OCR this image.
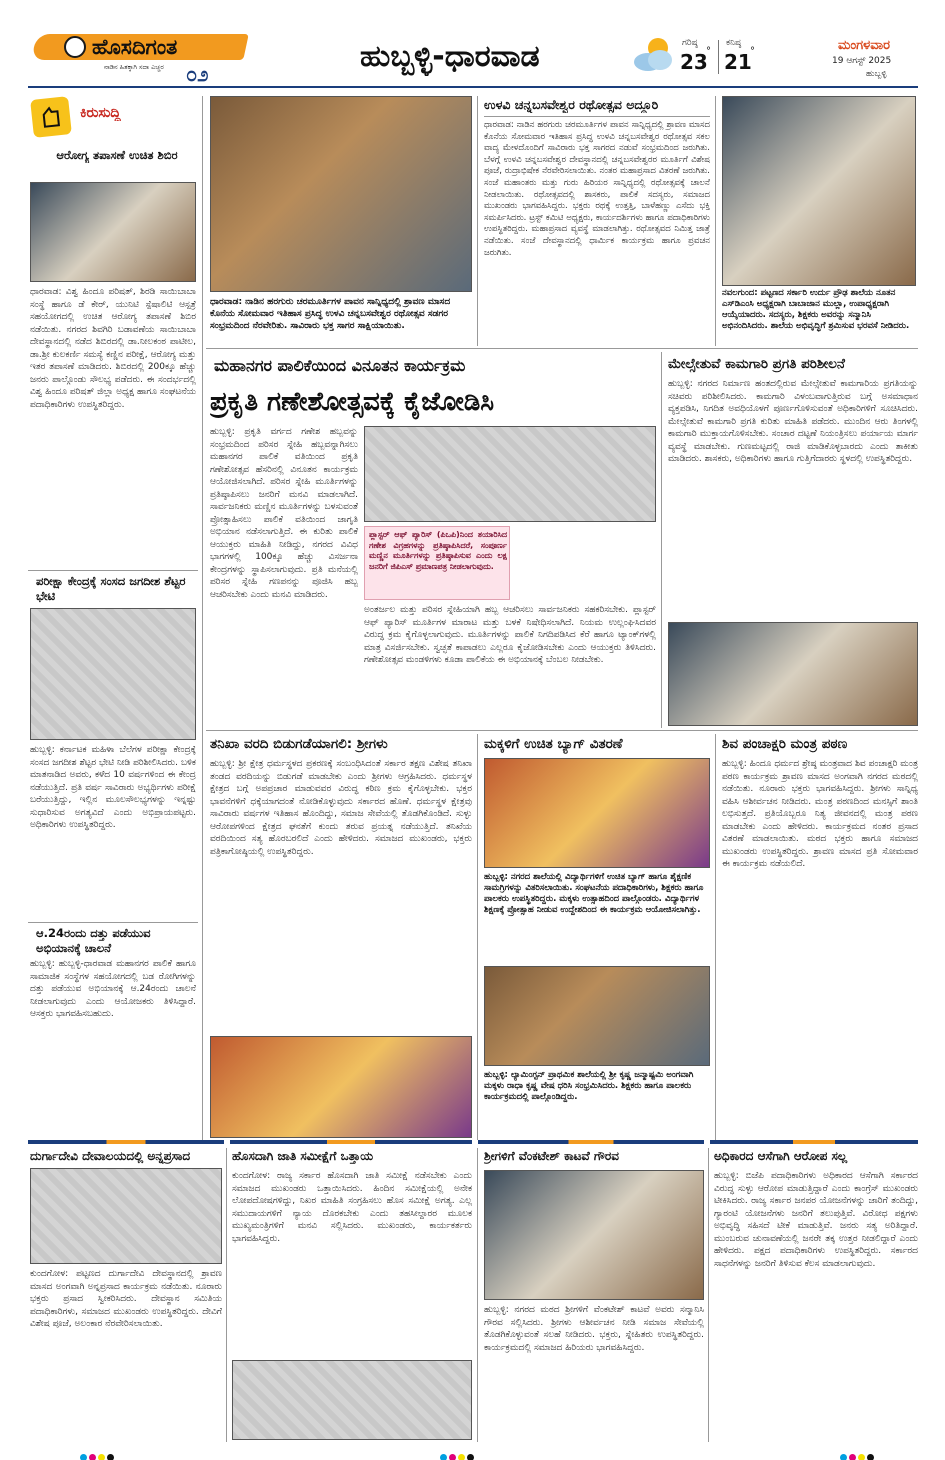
ಹೊಸದಿಗಂತ
ನಾಡಿನ ಹಿತಕ್ಕಾಗಿ ಸದಾ ಎಚ್ಚರ ೦೨	ಹುಬ್ಬಳ್ಳಿ-ಧಾರವಾಡ	ಗರಿಷ್ಠ
23
°
ಕನಿಷ್ಠ
21
°	ಮಂಗಳವಾರ
19 ಆಗಸ್ಟ್ 2025
ಹುಬ್ಬಳ್ಳಿ
ಕಿರುಸುದ್ದಿ
ಆರೋಗ್ಯ ತಪಾಸಣೆ ಉಚಿತ ಶಿಬಿರ
ಧಾರವಾಡ: ವಿಶ್ವ ಹಿಂದೂ ಪರಿಷತ್, ಶಿರಡಿ ಸಾಯಿಬಾಬಾ ಸಂಸ್ಥೆ ಹಾಗೂ ಡೆ ಕೇರ್, ಯುನಿಟಿ ಸ್ಪೆಷಾಲಿಟಿ ಆಸ್ಪತ್ರೆ ಸಹಯೋಗದಲ್ಲಿ ಉಚಿತ ಆರೋಗ್ಯ ತಪಾಸಣೆ ಶಿಬಿರ ನಡೆಯಿತು. ನಗರದ ಶಿವಗಿರಿ ಬಡಾವಣೆಯ ಸಾಯಿಬಾಬಾ ದೇವಸ್ಥಾನದಲ್ಲಿ ನಡೆದ ಶಿಬಿರದಲ್ಲಿ ಡಾ.ನೀಲಕಂಠ ಪಾಟೀಲ, ಡಾ.ಶ್ರೀ ಕುಲಕರ್ಣಿ ಸಮಸ್ಯೆ ಕಣ್ಣಿನ ಪರೀಕ್ಷೆ, ಆರೋಗ್ಯ ಮತ್ತು ಇತರ ತಪಾಸಣೆ ಮಾಡಿದರು. ಶಿಬಿರದಲ್ಲಿ 200ಕ್ಕೂ ಹೆಚ್ಚು ಜನರು ಪಾಲ್ಗೊಂಡು ಸೌಲಭ್ಯ ಪಡೆದರು. ಈ ಸಂದರ್ಭದಲ್ಲಿ ವಿಶ್ವ ಹಿಂದೂ ಪರಿಷತ್ ಜಿಲ್ಲಾ ಅಧ್ಯಕ್ಷ ಹಾಗೂ ಸಂಘಟನೆಯ ಪದಾಧಿಕಾರಿಗಳು ಉಪಸ್ಥಿತರಿದ್ದರು.
ಪರೀಕ್ಷಾ ಕೇಂದ್ರಕ್ಕೆ ಸಂಸದ ಜಗದೀಶ ಶೆಟ್ಟರ ಭೇಟಿ
ಹುಬ್ಬಳ್ಳಿ: ಕರ್ನಾಟಕ ಮಹಿಳಾ ಬೆಲೆಗಳ ಪರೀಕ್ಷಾ ಕೇಂದ್ರಕ್ಕೆ ಸಂಸದ ಜಗದೀಶ ಶೆಟ್ಟರ ಭೇಟಿ ನೀಡಿ ಪರಿಶೀಲಿಸಿದರು. ಬಳಿಕ ಮಾತನಾಡಿದ ಅವರು, ಕಳೆದ 10 ವರ್ಷಗಳಿಂದ ಈ ಕೇಂದ್ರ ನಡೆಯುತ್ತಿದೆ. ಪ್ರತಿ ವರ್ಷ ಸಾವಿರಾರು ಅಭ್ಯರ್ಥಿಗಳು ಪರೀಕ್ಷೆ ಬರೆಯುತ್ತಿದ್ದು, ಇಲ್ಲಿನ ಮೂಲಸೌಲಭ್ಯಗಳನ್ನು ಇನ್ನಷ್ಟು ಸುಧಾರಿಸುವ ಅಗತ್ಯವಿದೆ ಎಂದು ಅಭಿಪ್ರಾಯಪಟ್ಟರು. ಅಧಿಕಾರಿಗಳು ಉಪಸ್ಥಿತರಿದ್ದರು.
ಆ.24ರಂದು ದತ್ತು ಪಡೆಯುವ ಅಭಿಯಾನಕ್ಕೆ ಚಾಲನೆ
ಹುಬ್ಬಳ್ಳಿ: ಹುಬ್ಬಳ್ಳಿ-ಧಾರವಾಡ ಮಹಾನಗರ ಪಾಲಿಕೆ ಹಾಗೂ ಸಾಮಾಜಿಕ ಸಂಸ್ಥೆಗಳ ಸಹಯೋಗದಲ್ಲಿ ಬಡ ರೋಗಿಗಳನ್ನು ದತ್ತು ಪಡೆಯುವ ಅಭಿಯಾನಕ್ಕೆ ಆ.24ರಂದು ಚಾಲನೆ ನೀಡಲಾಗುವುದು ಎಂದು ಆಯೋಜಕರು ತಿಳಿಸಿದ್ದಾರೆ. ಆಸಕ್ತರು ಭಾಗವಹಿಸಬಹುದು.
ಧಾರವಾಡ: ನಾಡಿನ ಹರಗುರು ಚರಮೂರ್ತಿಗಳ ಪಾವನ ಸಾನ್ನಿಧ್ಯದಲ್ಲಿ ಶ್ರಾವಣ ಮಾಸದ ಕೊನೆಯ ಸೋಮವಾರ ಇತಿಹಾಸ ಪ್ರಸಿದ್ಧ ಉಳವಿ ಚನ್ನಬಸವೇಶ್ವರ ರಥೋತ್ಸವ ಸಡಗರ ಸಂಭ್ರಮದಿಂದ ನೆರವೇರಿತು. ಸಾವಿರಾರು ಭಕ್ತ ಸಾಗರ ಸಾಕ್ಷಿಯಾಯಿತು.
ಉಳವಿ ಚನ್ನಬಸವೇಶ್ವರ ರಥೋತ್ಸವ ಅದ್ದೂರಿ
ಧಾರವಾಡ: ನಾಡಿನ ಹರಗುರು ಚರಮೂರ್ತಿಗಳ ಪಾವನ ಸಾನ್ನಿಧ್ಯದಲ್ಲಿ ಶ್ರಾವಣ ಮಾಸದ ಕೊನೆಯ ಸೋಮವಾರ ಇತಿಹಾಸ ಪ್ರಸಿದ್ಧ ಉಳವಿ ಚನ್ನಬಸವೇಶ್ವರ ರಥೋತ್ಸವ ಸಕಲ ವಾದ್ಯ ಮೇಳದೊಂದಿಗೆ ಸಾವಿರಾರು ಭಕ್ತ ಸಾಗರದ ನಡುವೆ ಸಂಭ್ರಮದಿಂದ ಜರುಗಿತು. ಬೆಳಗ್ಗೆ ಉಳವಿ ಚನ್ನಬಸವೇಶ್ವರ ದೇವಸ್ಥಾನದಲ್ಲಿ ಚನ್ನಬಸವೇಶ್ವರರ ಮೂರ್ತಿಗೆ ವಿಶೇಷ ಪೂಜೆ, ರುದ್ರಾಭಿಷೇಕ ನೆರವೇರಿಸಲಾಯಿತು. ನಂತರ ಮಹಾಪ್ರಸಾದ ವಿತರಣೆ ಜರುಗಿತು. ಸಂಜೆ ಮಹಾಂತರು ಮತ್ತು ಗುರು ಹಿರಿಯರ ಸಾನ್ನಿಧ್ಯದಲ್ಲಿ ರಥೋತ್ಸವಕ್ಕೆ ಚಾಲನೆ ನೀಡಲಾಯಿತು. ರಥೋತ್ಸವದಲ್ಲಿ ಶಾಸಕರು, ಪಾಲಿಕೆ ಸದಸ್ಯರು, ಸಮಾಜದ ಮುಖಂಡರು ಭಾಗವಹಿಸಿದ್ದರು. ಭಕ್ತರು ರಥಕ್ಕೆ ಉತ್ತತ್ತಿ, ಬಾಳೆಹಣ್ಣು ಎಸೆದು ಭಕ್ತಿ ಸಮರ್ಪಿಸಿದರು. ಟ್ರಸ್ಟ್ ಕಮಿಟಿ ಅಧ್ಯಕ್ಷರು, ಕಾರ್ಯದರ್ಶಿಗಳು ಹಾಗೂ ಪದಾಧಿಕಾರಿಗಳು ಉಪಸ್ಥಿತರಿದ್ದರು. ಮಹಾಪ್ರಸಾದ ವ್ಯವಸ್ಥೆ ಮಾಡಲಾಗಿತ್ತು. ರಥೋತ್ಸವದ ನಿಮಿತ್ತ ಜಾತ್ರೆ ನಡೆಯಿತು. ಸಂಜೆ ದೇವಸ್ಥಾನದಲ್ಲಿ ಧಾರ್ಮಿಕ ಕಾರ್ಯಕ್ರಮ ಹಾಗೂ ಪ್ರವಚನ ಜರುಗಿತು.
ನವಲಗುಂದ: ಪಟ್ಟಣದ ಸರ್ಕಾರಿ ಉರ್ದು ಪ್ರೌಢ ಶಾಲೆಯ ನೂತನ ಎಸ್‌ಡಿಎಂಸಿ ಅಧ್ಯಕ್ಷರಾಗಿ ಬಾಬಾಜಾನ ಮುಲ್ಲಾ, ಉಪಾಧ್ಯಕ್ಷರಾಗಿ ಆಯ್ಕೆಯಾದರು. ಸದಸ್ಯರು, ಶಿಕ್ಷಕರು ಅವರನ್ನು ಸನ್ಮಾನಿಸಿ ಅಭಿನಂದಿಸಿದರು. ಶಾಲೆಯ ಅಭಿವೃದ್ಧಿಗೆ ಶ್ರಮಿಸುವ ಭರವಸೆ ನೀಡಿದರು.
ಮಹಾನಗರ ಪಾಲಿಕೆಯಿಂದ ವಿನೂತನ ಕಾರ್ಯಕ್ರಮ
ಪ್ರಕೃತಿ ಗಣೇಶೋತ್ಸವಕ್ಕೆ ಕೈಜೋಡಿಸಿ
ಹುಬ್ಬಳ್ಳಿ: ಪ್ರಕೃತಿ ವರ್ಗದ ಗಣೇಶ ಹಬ್ಬವನ್ನು ಸಂಭ್ರಮದಿಂದ ಪರಿಸರ ಸ್ನೇಹಿ ಹಬ್ಬವನ್ನಾಗಿಸಲು ಮಹಾನಗರ ಪಾಲಿಕೆ ವತಿಯಿಂದ ಪ್ರಕೃತಿ ಗಣೇಶೋತ್ಸವ ಹೆಸರಿನಲ್ಲಿ ವಿನೂತನ ಕಾರ್ಯಕ್ರಮ ಆಯೋಜಿಸಲಾಗಿದೆ. ಪರಿಸರ ಸ್ನೇಹಿ ಮೂರ್ತಿಗಳನ್ನು ಪ್ರತಿಷ್ಠಾಪಿಸಲು ಜನರಿಗೆ ಮನವಿ ಮಾಡಲಾಗಿದೆ. ಸಾರ್ವಜನಿಕರು ಮಣ್ಣಿನ ಮೂರ್ತಿಗಳನ್ನು ಬಳಸುವಂತೆ ಪ್ರೋತ್ಸಾಹಿಸಲು ಪಾಲಿಕೆ ವತಿಯಿಂದ ಜಾಗೃತಿ ಅಭಿಯಾನ ನಡೆಸಲಾಗುತ್ತಿದೆ. ಈ ಕುರಿತು ಪಾಲಿಕೆ ಆಯುಕ್ತರು ಮಾಹಿತಿ ನೀಡಿದ್ದು, ನಗರದ ವಿವಿಧ ಭಾಗಗಳಲ್ಲಿ 100ಕ್ಕೂ ಹೆಚ್ಚು ವಿಸರ್ಜನಾ ಕೇಂದ್ರಗಳನ್ನು ಸ್ಥಾಪಿಸಲಾಗುವುದು. ಪ್ರತಿ ಮನೆಯಲ್ಲಿ ಪರಿಸರ ಸ್ನೇಹಿ ಗಣಪನನ್ನು ಪೂಜಿಸಿ ಹಬ್ಬ ಆಚರಿಸಬೇಕು ಎಂದು ಮನವಿ ಮಾಡಿದರು.
ಪ್ಲಾಸ್ಟರ್ ಆಫ್ ಪ್ಯಾರಿಸ್ (ಪಿಒಪಿ)ನಿಂದ ತಯಾರಿಸಿದ ಗಣೇಶ ವಿಗ್ರಹಗಳನ್ನು ಪ್ರತಿಷ್ಠಾಪಿಸಿದರೆ, ಸಂಪೂರ್ಣ ಮಣ್ಣಿನ ಮೂರ್ತಿಗಳನ್ನು ಪ್ರತಿಷ್ಠಾಪಿಸುವ ಎಂದು ಲಕ್ಷ ಜನರಿಗೆ ಜಿಪಿಎಸ್ ಪ್ರಮಾಣಪತ್ರ ನೀಡಲಾಗುವುದು.
ಅಂತರ್ಜಲ ಮತ್ತು ಪರಿಸರ ಸ್ನೇಹಿಯಾಗಿ ಹಬ್ಬ ಆಚರಿಸಲು ಸಾರ್ವಜನಿಕರು ಸಹಕರಿಸಬೇಕು. ಪ್ಲಾಸ್ಟರ್ ಆಫ್ ಪ್ಯಾರಿಸ್ ಮೂರ್ತಿಗಳ ಮಾರಾಟ ಮತ್ತು ಬಳಕೆ ನಿಷೇಧಿಸಲಾಗಿದೆ. ನಿಯಮ ಉಲ್ಲಂಘಿಸಿದವರ ವಿರುದ್ಧ ಕ್ರಮ ಕೈಗೊಳ್ಳಲಾಗುವುದು. ಮೂರ್ತಿಗಳನ್ನು ಪಾಲಿಕೆ ನಿಗದಿಪಡಿಸಿದ ಕೆರೆ ಹಾಗೂ ಟ್ಯಾಂಕ್‌ಗಳಲ್ಲಿ ಮಾತ್ರ ವಿಸರ್ಜಿಸಬೇಕು. ಸ್ವಚ್ಛತೆ ಕಾಪಾಡಲು ಎಲ್ಲರೂ ಕೈಜೋಡಿಸಬೇಕು ಎಂದು ಆಯುಕ್ತರು ತಿಳಿಸಿದರು. ಗಣೇಶೋತ್ಸವ ಮಂಡಳಿಗಳು ಕೂಡಾ ಪಾಲಿಕೆಯ ಈ ಅಭಿಯಾನಕ್ಕೆ ಬೆಂಬಲ ನೀಡಬೇಕು.
ಮೇಲ್ಸೇತುವೆ ಕಾಮಗಾರಿ ಪ್ರಗತಿ ಪರಿಶೀಲನೆ
ಹುಬ್ಬಳ್ಳಿ: ನಗರದ ನಿರ್ಮಾಣ ಹಂತದಲ್ಲಿರುವ ಮೇಲ್ಸೇತುವೆ ಕಾಮಗಾರಿಯ ಪ್ರಗತಿಯನ್ನು ಸಚಿವರು ಪರಿಶೀಲಿಸಿದರು. ಕಾಮಗಾರಿ ವಿಳಂಬವಾಗುತ್ತಿರುವ ಬಗ್ಗೆ ಅಸಮಾಧಾನ ವ್ಯಕ್ತಪಡಿಸಿ, ನಿಗದಿತ ಅವಧಿಯೊಳಗೆ ಪೂರ್ಣಗೊಳಿಸುವಂತೆ ಅಧಿಕಾರಿಗಳಿಗೆ ಸೂಚಿಸಿದರು. ಮೇಲ್ಸೇತುವೆ ಕಾಮಗಾರಿ ಪ್ರಗತಿ ಕುರಿತು ಮಾಹಿತಿ ಪಡೆದರು. ಮುಂದಿನ ಆರು ತಿಂಗಳಲ್ಲಿ ಕಾಮಗಾರಿ ಮುಕ್ತಾಯಗೊಳಿಸಬೇಕು. ಸಂಚಾರ ದಟ್ಟಣೆ ನಿಯಂತ್ರಿಸಲು ಪರ್ಯಾಯ ಮಾರ್ಗ ವ್ಯವಸ್ಥೆ ಮಾಡಬೇಕು. ಗುಣಮಟ್ಟದಲ್ಲಿ ರಾಜಿ ಮಾಡಿಕೊಳ್ಳಬಾರದು ಎಂದು ತಾಕೀತು ಮಾಡಿದರು. ಶಾಸಕರು, ಅಧಿಕಾರಿಗಳು ಹಾಗೂ ಗುತ್ತಿಗೆದಾರರು ಸ್ಥಳದಲ್ಲಿ ಉಪಸ್ಥಿತರಿದ್ದರು.
ತನಿಖಾ ವರದಿ ಬಿಡುಗಡೆಯಾಗಲಿ: ಶ್ರೀಗಳು
ಹುಬ್ಬಳ್ಳಿ: ಶ್ರೀ ಕ್ಷೇತ್ರ ಧರ್ಮಸ್ಥಳದ ಪ್ರಕರಣಕ್ಕೆ ಸಂಬಂಧಿಸಿದಂತೆ ಸರ್ಕಾರ ತಕ್ಷಣ ವಿಶೇಷ ತನಿಖಾ ತಂಡದ ವರದಿಯನ್ನು ಬಿಡುಗಡೆ ಮಾಡಬೇಕು ಎಂದು ಶ್ರೀಗಳು ಆಗ್ರಹಿಸಿದರು. ಧರ್ಮಸ್ಥಳ ಕ್ಷೇತ್ರದ ಬಗ್ಗೆ ಅಪಪ್ರಚಾರ ಮಾಡುವವರ ವಿರುದ್ಧ ಕಠಿಣ ಕ್ರಮ ಕೈಗೊಳ್ಳಬೇಕು. ಭಕ್ತರ ಭಾವನೆಗಳಿಗೆ ಧಕ್ಕೆಯಾಗದಂತೆ ನೋಡಿಕೊಳ್ಳುವುದು ಸರ್ಕಾರದ ಹೊಣೆ. ಧರ್ಮಸ್ಥಳ ಕ್ಷೇತ್ರವು ಸಾವಿರಾರು ವರ್ಷಗಳ ಇತಿಹಾಸ ಹೊಂದಿದ್ದು, ಸಮಾಜ ಸೇವೆಯಲ್ಲಿ ತೊಡಗಿಕೊಂಡಿದೆ. ಸುಳ್ಳು ಆರೋಪಗಳಿಂದ ಕ್ಷೇತ್ರದ ಘನತೆಗೆ ಕುಂದು ತರುವ ಪ್ರಯತ್ನ ನಡೆಯುತ್ತಿದೆ. ತನಿಖೆಯ ವರದಿಯಿಂದ ಸತ್ಯ ಹೊರಬರಲಿದೆ ಎಂದು ಹೇಳಿದರು. ಸಮಾಜದ ಮುಖಂಡರು, ಭಕ್ತರು ಪತ್ರಿಕಾಗೋಷ್ಠಿಯಲ್ಲಿ ಉಪಸ್ಥಿತರಿದ್ದರು.
ಮಕ್ಕಳಿಗೆ ಉಚಿತ ಬ್ಯಾಗ್ ವಿತರಣೆ
ಹುಬ್ಬಳ್ಳಿ: ನಗರದ ಶಾಲೆಯಲ್ಲಿ ವಿದ್ಯಾರ್ಥಿಗಳಿಗೆ ಉಚಿತ ಬ್ಯಾಗ್ ಹಾಗೂ ಶೈಕ್ಷಣಿಕ ಸಾಮಗ್ರಿಗಳನ್ನು ವಿತರಿಸಲಾಯಿತು. ಸಂಘಟನೆಯ ಪದಾಧಿಕಾರಿಗಳು, ಶಿಕ್ಷಕರು ಹಾಗೂ ಪಾಲಕರು ಉಪಸ್ಥಿತರಿದ್ದರು. ಮಕ್ಕಳು ಉತ್ಸಾಹದಿಂದ ಪಾಲ್ಗೊಂಡರು. ವಿದ್ಯಾರ್ಥಿಗಳ ಶಿಕ್ಷಣಕ್ಕೆ ಪ್ರೋತ್ಸಾಹ ನೀಡುವ ಉದ್ದೇಶದಿಂದ ಈ ಕಾರ್ಯಕ್ರಮ ಆಯೋಜಿಸಲಾಗಿತ್ತು.
ಹುಬ್ಬಳ್ಳಿ: ಲ್ಯಾಮಿಂಗ್ಟನ್ ಪ್ರಾಥಮಿಕ ಶಾಲೆಯಲ್ಲಿ ಶ್ರೀ ಕೃಷ್ಣ ಜನ್ಮಾಷ್ಟಮಿ ಅಂಗವಾಗಿ ಮಕ್ಕಳು ರಾಧಾ ಕೃಷ್ಣ ವೇಷ ಧರಿಸಿ ಸಂಭ್ರಮಿಸಿದರು. ಶಿಕ್ಷಕರು ಹಾಗೂ ಪಾಲಕರು ಕಾರ್ಯಕ್ರಮದಲ್ಲಿ ಪಾಲ್ಗೊಂಡಿದ್ದರು.
ಶಿವ ಪಂಚಾಕ್ಷರಿ ಮಂತ್ರ ಪಠಣ
ಹುಬ್ಬಳ್ಳಿ: ಹಿಂದೂ ಧರ್ಮದ ಶ್ರೇಷ್ಠ ಮಂತ್ರವಾದ ಶಿವ ಪಂಚಾಕ್ಷರಿ ಮಂತ್ರ ಪಠಣ ಕಾರ್ಯಕ್ರಮ ಶ್ರಾವಣ ಮಾಸದ ಅಂಗವಾಗಿ ನಗರದ ಮಠದಲ್ಲಿ ನಡೆಯಿತು. ನೂರಾರು ಭಕ್ತರು ಭಾಗವಹಿಸಿದ್ದರು. ಶ್ರೀಗಳು ಸಾನ್ನಿಧ್ಯ ವಹಿಸಿ ಆಶೀರ್ವಚನ ನೀಡಿದರು. ಮಂತ್ರ ಪಠಣದಿಂದ ಮನಸ್ಸಿಗೆ ಶಾಂತಿ ಲಭಿಸುತ್ತದೆ. ಪ್ರತಿಯೊಬ್ಬರೂ ನಿತ್ಯ ಜೀವನದಲ್ಲಿ ಮಂತ್ರ ಪಠಣ ಮಾಡಬೇಕು ಎಂದು ಹೇಳಿದರು. ಕಾರ್ಯಕ್ರಮದ ನಂತರ ಪ್ರಸಾದ ವಿತರಣೆ ಮಾಡಲಾಯಿತು. ಮಠದ ಭಕ್ತರು ಹಾಗೂ ಸಮಾಜದ ಮುಖಂಡರು ಉಪಸ್ಥಿತರಿದ್ದರು. ಶ್ರಾವಣ ಮಾಸದ ಪ್ರತಿ ಸೋಮವಾರ ಈ ಕಾರ್ಯಕ್ರಮ ನಡೆಯಲಿದೆ.
ದುರ್ಗಾದೇವಿ ದೇವಾಲಯದಲ್ಲಿ ಅನ್ನಪ್ರಸಾದ
ಕುಂದಗೋಳ: ಪಟ್ಟಣದ ದುರ್ಗಾದೇವಿ ದೇವಸ್ಥಾನದಲ್ಲಿ ಶ್ರಾವಣ ಮಾಸದ ಅಂಗವಾಗಿ ಅನ್ನಪ್ರಸಾದ ಕಾರ್ಯಕ್ರಮ ನಡೆಯಿತು. ನೂರಾರು ಭಕ್ತರು ಪ್ರಸಾದ ಸ್ವೀಕರಿಸಿದರು. ದೇವಸ್ಥಾನ ಸಮಿತಿಯ ಪದಾಧಿಕಾರಿಗಳು, ಸಮಾಜದ ಮುಖಂಡರು ಉಪಸ್ಥಿತರಿದ್ದರು. ದೇವಿಗೆ ವಿಶೇಷ ಪೂಜೆ, ಅಲಂಕಾರ ನೆರವೇರಿಸಲಾಯಿತು.
ಹೊಸದಾಗಿ ಜಾತಿ ಸಮೀಕ್ಷೆಗೆ ಒತ್ತಾಯ
ಕುಂದಗೋಳ: ರಾಜ್ಯ ಸರ್ಕಾರ ಹೊಸದಾಗಿ ಜಾತಿ ಸಮೀಕ್ಷೆ ನಡೆಸಬೇಕು ಎಂದು ಸಮಾಜದ ಮುಖಂಡರು ಒತ್ತಾಯಿಸಿದರು. ಹಿಂದಿನ ಸಮೀಕ್ಷೆಯಲ್ಲಿ ಅನೇಕ ಲೋಪದೋಷಗಳಿದ್ದು, ನಿಖರ ಮಾಹಿತಿ ಸಂಗ್ರಹಿಸಲು ಹೊಸ ಸಮೀಕ್ಷೆ ಅಗತ್ಯ. ಎಲ್ಲ ಸಮುದಾಯಗಳಿಗೆ ನ್ಯಾಯ ದೊರಕಬೇಕು ಎಂದು ತಹಸೀಲ್ದಾರರ ಮೂಲಕ ಮುಖ್ಯಮಂತ್ರಿಗಳಿಗೆ ಮನವಿ ಸಲ್ಲಿಸಿದರು. ಮುಖಂಡರು, ಕಾರ್ಯಕರ್ತರು ಭಾಗವಹಿಸಿದ್ದರು.
ಶ್ರೀಗಳಿಗೆ ವೆಂಕಟೇಶ್ ಕಾಟವೆ ಗೌರವ
ಹುಬ್ಬಳ್ಳಿ: ನಗರದ ಮಠದ ಶ್ರೀಗಳಿಗೆ ವೆಂಕಟೇಶ್ ಕಾಟವೆ ಅವರು ಸನ್ಮಾನಿಸಿ ಗೌರವ ಸಲ್ಲಿಸಿದರು. ಶ್ರೀಗಳು ಆಶೀರ್ವಚನ ನೀಡಿ ಸಮಾಜ ಸೇವೆಯಲ್ಲಿ ತೊಡಗಿಕೊಳ್ಳುವಂತೆ ಸಲಹೆ ನೀಡಿದರು. ಭಕ್ತರು, ಸ್ನೇಹಿತರು ಉಪಸ್ಥಿತರಿದ್ದರು. ಕಾರ್ಯಕ್ರಮದಲ್ಲಿ ಸಮಾಜದ ಹಿರಿಯರು ಭಾಗವಹಿಸಿದ್ದರು.
ಅಧಿಕಾರದ ಆಸೆಗಾಗಿ ಆರೋಪ ಸಲ್ಲ
ಹುಬ್ಬಳ್ಳಿ: ಬಿಜೆಪಿ ಪದಾಧಿಕಾರಿಗಳು ಅಧಿಕಾರದ ಆಸೆಗಾಗಿ ಸರ್ಕಾರದ ವಿರುದ್ಧ ಸುಳ್ಳು ಆರೋಪ ಮಾಡುತ್ತಿದ್ದಾರೆ ಎಂದು ಕಾಂಗ್ರೆಸ್ ಮುಖಂಡರು ಟೀಕಿಸಿದರು. ರಾಜ್ಯ ಸರ್ಕಾರ ಜನಪರ ಯೋಜನೆಗಳನ್ನು ಜಾರಿಗೆ ತಂದಿದ್ದು, ಗ್ಯಾರಂಟಿ ಯೋಜನೆಗಳು ಜನರಿಗೆ ತಲುಪುತ್ತಿವೆ. ವಿರೋಧ ಪಕ್ಷಗಳು ಅಭಿವೃದ್ಧಿ ಸಹಿಸದೆ ಟೀಕೆ ಮಾಡುತ್ತಿವೆ. ಜನರು ಸತ್ಯ ಅರಿತಿದ್ದಾರೆ. ಮುಂಬರುವ ಚುನಾವಣೆಯಲ್ಲಿ ಜನರೇ ತಕ್ಕ ಉತ್ತರ ನೀಡಲಿದ್ದಾರೆ ಎಂದು ಹೇಳಿದರು. ಪಕ್ಷದ ಪದಾಧಿಕಾರಿಗಳು ಉಪಸ್ಥಿತರಿದ್ದರು. ಸರ್ಕಾರದ ಸಾಧನೆಗಳನ್ನು ಜನರಿಗೆ ತಿಳಿಸುವ ಕೆಲಸ ಮಾಡಲಾಗುವುದು.
